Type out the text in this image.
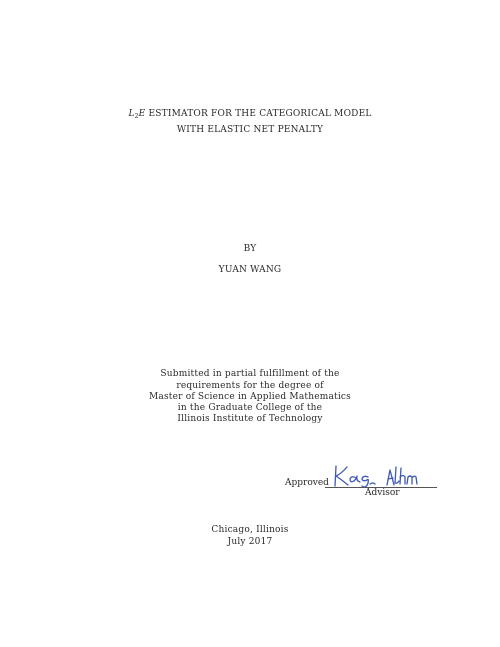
$L_2E$ ESTIMATOR FOR THE CATEGORICAL MODEL
WITH ELASTIC NET PENALTY
BY
YUAN WANG
Submitted in partial fulfillment of the
requirements for the degree of
Master of Science in Applied Mathematics
in the Graduate College of the
Illinois Institute of Technology
Approved
Advisor
Chicago, Illinois
July 2017
